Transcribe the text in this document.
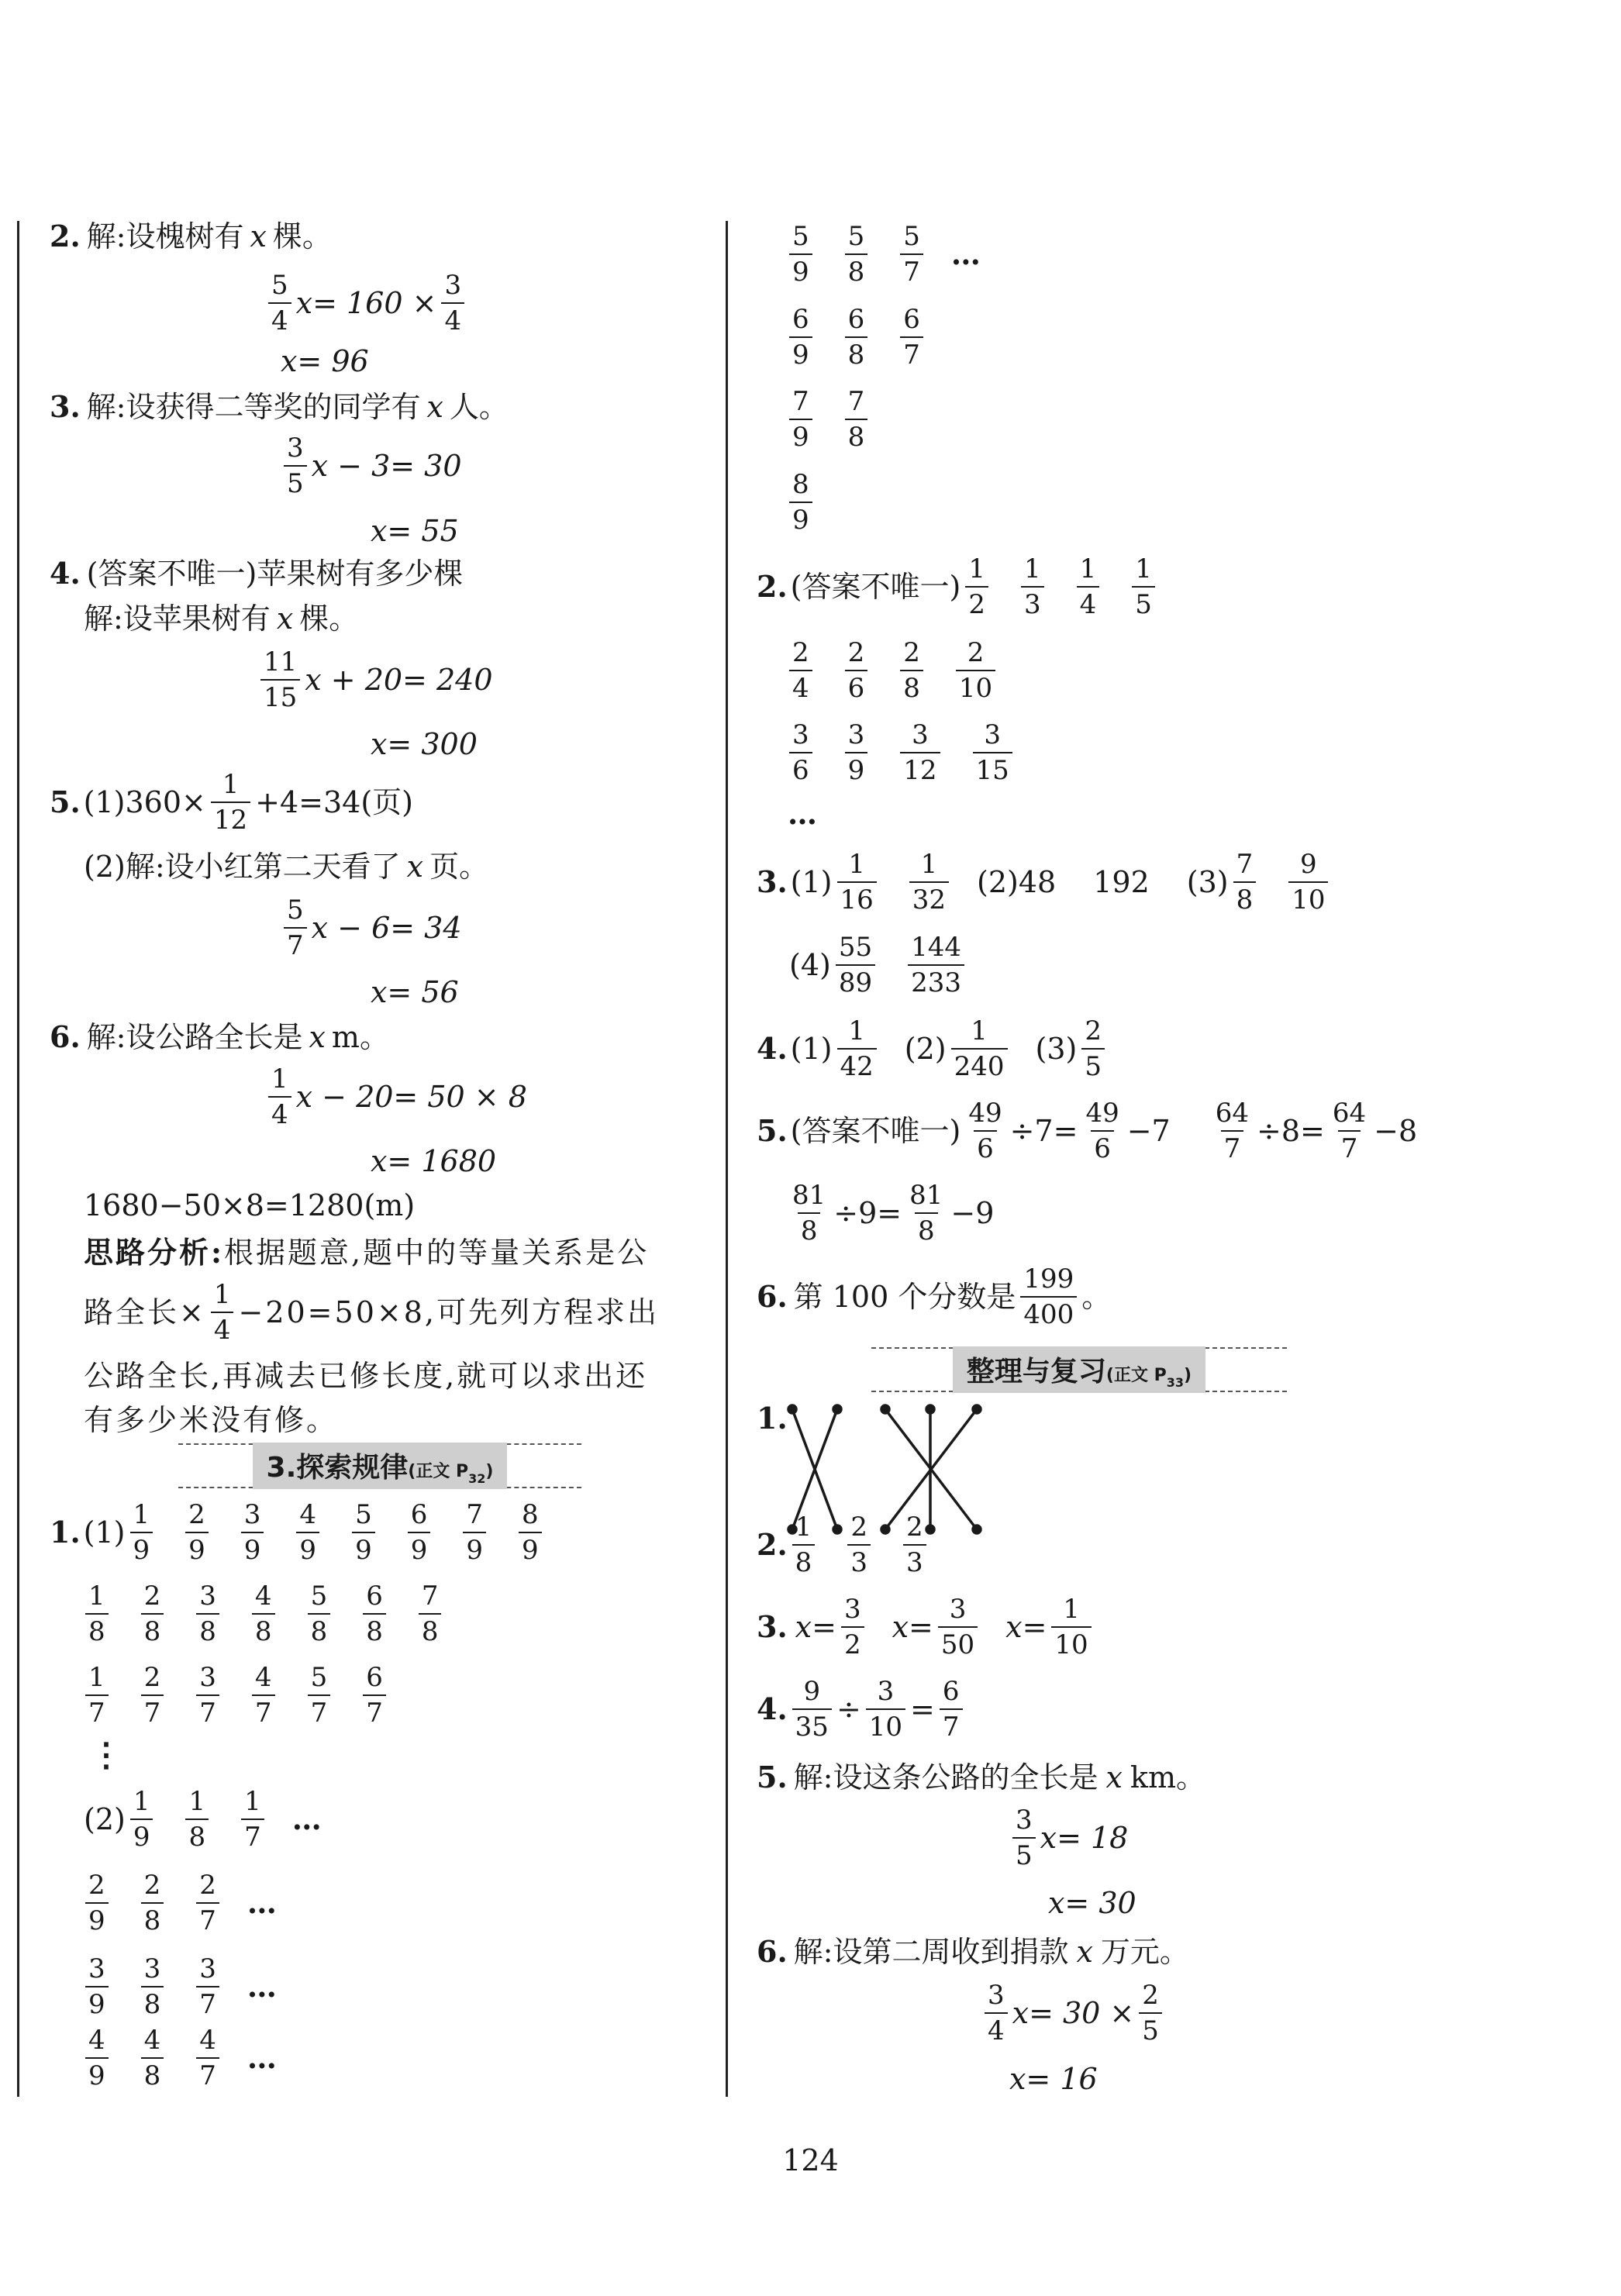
2. 解:设槐树有 x 棵。
$\frac{5}{4} x= 160 \times \frac{3}{4}$
x= 96
3. 解:设获得二等奖的同学有 x 人。
$\frac{3}{5}$ x − 3= 30
x= 55
4. (答案不唯一)苹果树有多少棵
解:设苹果树有 x 棵。
$\frac{11}{15}$ x + 20= 240
x= 300
5. $(1)360\times \frac{1}{12} +4=34$(页)
(2)解:设小红第二天看了 x 页。
$\frac{5}{7}$ x − 6= 34
x= 56
6. 解:设公路全长是 x m。
$\frac{1}{4}$ x − 20= 50 × 8
x= 1680
1680−50×8=1280(m)
思路分析: 根据题意,题中的等量关系是公
路全长× $\frac{1}{4} -20=50\times 8$,可先列方程求出
公路全长,再减去已修长度,就可以求出还
有多少米没有修。
3.探索规律(正文 $P_{32}$)
1. $(1) \frac{1}{9} \frac{2}{9} \frac{3}{9} \frac{4}{9} \frac{5}{9} \frac{6}{9} \frac{7}{9} \frac{8}{9}$
$\frac{1}{8} \frac{2}{8} \frac{3}{8} \frac{4}{8} \frac{5}{8} \frac{6}{8} \frac{7}{8}$
$\frac{1}{7} \frac{2}{7} \frac{3}{7} \frac{4}{7} \frac{5}{7} \frac{6}{7}$
⋮
$(2) \frac{1}{9} \frac{1}{8} \frac{1}{7}$ …
$\frac{2}{9} \frac{2}{8} \frac{2}{7}$ …
$\frac{3}{9} \frac{3}{8} \frac{3}{7}$ …
$\frac{4}{9} \frac{4}{8} \frac{4}{7}$ …
$\frac{5}{9} \frac{5}{8} \frac{5}{7}$ …
$\frac{6}{9} \frac{6}{8} \frac{6}{7}$
$\frac{7}{9} \frac{7}{8}$
$\frac{8}{9}$
2. (答案不唯一) $\frac{1}{2} \frac{1}{3} \frac{1}{4} \frac{1}{5}$
$\frac{2}{4} \frac{2}{6} \frac{2}{8} \frac{2}{10}$
$\frac{3}{6} \frac{3}{9} \frac{3}{12} \frac{3}{15}$
…
3. $(1) \frac{1}{16} \frac{1}{32} (2)48$ 192 $(3) \frac{7}{8} \frac{9}{10}$
$(4) \frac{55}{89} \frac{144}{233}$
4. $(1) \frac{1}{42} (2) \frac{1}{240} (3) \frac{2}{5}$
5. (答案不唯一) $\frac{49}{6} \div 7= \frac{49}{6} -7 \frac{64}{7} \div 8= \frac{64}{7} -8$
$\frac{81}{8} \div 9= \frac{81}{8} -9$
6. 第 100 个分数是 $\frac{199}{400}$ 。
整理与复习(正文 $P_{33}$)
1.
2. $\frac{1}{8} \frac{2}{3} \frac{2}{3}$
3. $x= \frac{3}{2} x= \frac{3}{50} x= \frac{1}{10}$
4. $\frac{9}{35} \div \frac{3}{10} = \frac{6}{7}$
5. 解:设这条公路的全长是 x km。
$\frac{3}{5} x= 18$
x= 30
6. 解:设第二周收到捐款 x 万元。
$\frac{3}{4} x= 30 \times \frac{2}{5}$
x= 16
124
